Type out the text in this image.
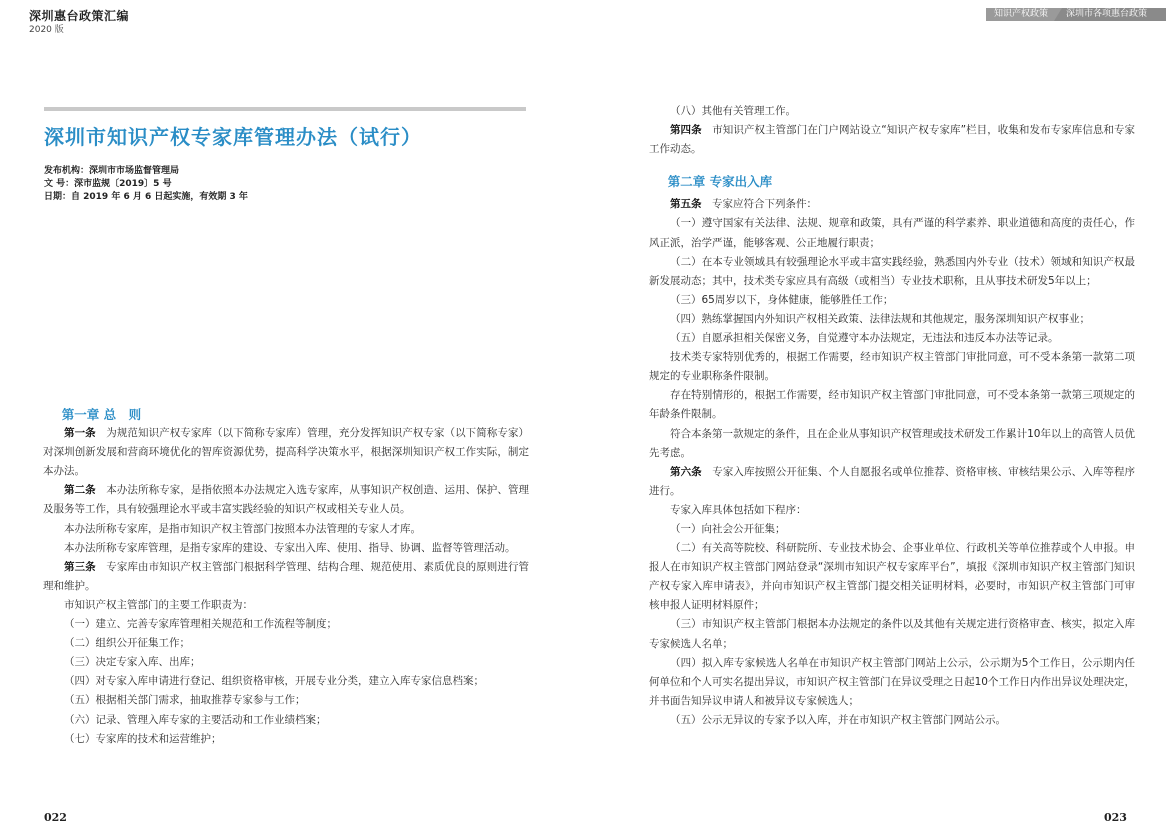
深圳惠台政策汇编
2020 版
知识产权政策	深圳市各项惠台政策
深圳市知识产权专家库管理办法（试行）
发布机构：深圳市市场监督管理局
文 号：深市监规〔2019〕5 号
日期：自 2019 年 6 月 6 日起实施，有效期 3 年

第一章 总　则

第一条　为规范知识产权专家库（以下简称专家库）管理，充分发挥知识产权专家（以下简称专家）对深圳创新发展和营商环境优化的智库资源优势，提高科学决策水平，根据深圳知识产权工作实际，制定本办法。

第二条　本办法所称专家，是指依照本办法规定入选专家库，从事知识产权创造、运用、保护、管理及服务等工作，具有较强理论水平或丰富实践经验的知识产权或相关专业人员。

本办法所称专家库，是指市知识产权主管部门按照本办法管理的专家人才库。

本办法所称专家库管理，是指专家库的建设、专家出入库、使用、指导、协调、监督等管理活动。

第三条　专家库由市知识产权主管部门根据科学管理、结构合理、规范使用、素质优良的原则进行管理和维护。

市知识产权主管部门的主要工作职责为：

（一）建立、完善专家库管理相关规范和工作流程等制度；

（二）组织公开征集工作；

（三）决定专家入库、出库；

（四）对专家入库申请进行登记、组织资格审核，开展专业分类，建立入库专家信息档案；

（五）根据相关部门需求，抽取推荐专家参与工作；

（六）记录、管理入库专家的主要活动和工作业绩档案；

（七）专家库的技术和运营维护；

（八）其他有关管理工作。

第四条　市知识产权主管部门在门户网站设立“知识产权专家库”栏目，收集和发布专家库信息和专家工作动态。

第二章 专家出入库

第五条　专家应符合下列条件：

（一）遵守国家有关法律、法规、规章和政策，具有严谨的科学素养、职业道德和高度的责任心，作风正派，治学严谨，能够客观、公正地履行职责；

（二）在本专业领域具有较强理论水平或丰富实践经验，熟悉国内外专业（技术）领域和知识产权最新发展动态；其中，技术类专家应具有高级（或相当）专业技术职称，且从事技术研发5年以上；

（三）65周岁以下，身体健康，能够胜任工作；

（四）熟练掌握国内外知识产权相关政策、法律法规和其他规定，服务深圳知识产权事业；

（五）自愿承担相关保密义务，自觉遵守本办法规定，无违法和违反本办法等记录。

技术类专家特别优秀的，根据工作需要，经市知识产权主管部门审批同意，可不受本条第一款第二项规定的专业职称条件限制。

存在特别情形的，根据工作需要，经市知识产权主管部门审批同意，可不受本条第一款第三项规定的年龄条件限制。

符合本条第一款规定的条件，且在企业从事知识产权管理或技术研发工作累计10年以上的高管人员优先考虑。

第六条　专家入库按照公开征集、个人自愿报名或单位推荐、资格审核、审核结果公示、入库等程序进行。

专家入库具体包括如下程序：

（一）向社会公开征集；

（二）有关高等院校、科研院所、专业技术协会、企事业单位、行政机关等单位推荐或个人申报。申报人在市知识产权主管部门网站登录“深圳市知识产权专家库平台”，填报《深圳市知识产权主管部门知识产权专家入库申请表》，并向市知识产权主管部门提交相关证明材料，必要时，市知识产权主管部门可审核申报人证明材料原件；

（三）市知识产权主管部门根据本办法规定的条件以及其他有关规定进行资格审查、核实，拟定入库专家候选人名单；

（四）拟入库专家候选人名单在市知识产权主管部门网站上公示，公示期为5个工作日，公示期内任何单位和个人可实名提出异议，市知识产权主管部门在异议受理之日起10个工作日内作出异议处理决定，并书面告知异议申请人和被异议专家候选人；

（五）公示无异议的专家予以入库，并在市知识产权主管部门网站公示。

022	023
